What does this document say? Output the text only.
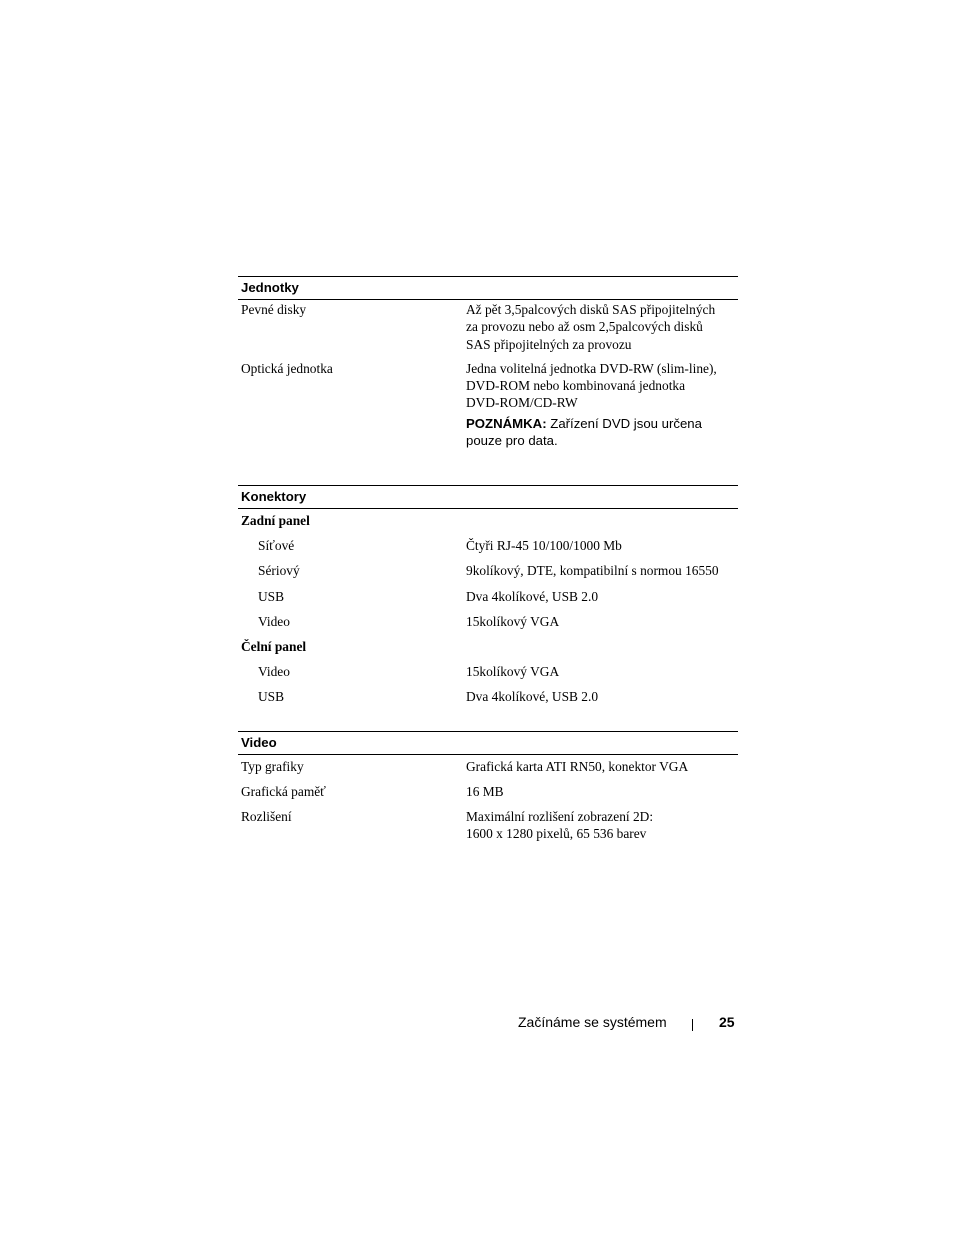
Jednotky
Pevné disky	Až pět 3,5palcových disků SAS připojitelných
za provozu nebo až osm 2,5palcových disků
SAS připojitelných za provozu
Optická jednotka	Jedna volitelná jednotka DVD-RW (slim-line),
DVD-ROM nebo kombinovaná jednotka
DVD-ROM/CD-RW
POZNÁMKA: Zařízení DVD jsou určena
pouze pro data.
Konektory
Zadní panel
Síťové	Čtyři RJ-45 10/100/1000 Mb
Sériový	9kolíkový, DTE, kompatibilní s normou 16550
USB	Dva 4kolíkové, USB 2.0
Video	15kolíkový VGA
Čelní panel
Video	15kolíkový VGA
USB	Dva 4kolíkové, USB 2.0
Video
Typ grafiky	Grafická karta ATI RN50, konektor VGA
Grafická paměť	16 MB
Rozlišení	Maximální rozlišení zobrazení 2D:
1600 x 1280 pixelů, 65 536 barev
Začínáme se systémem	25
